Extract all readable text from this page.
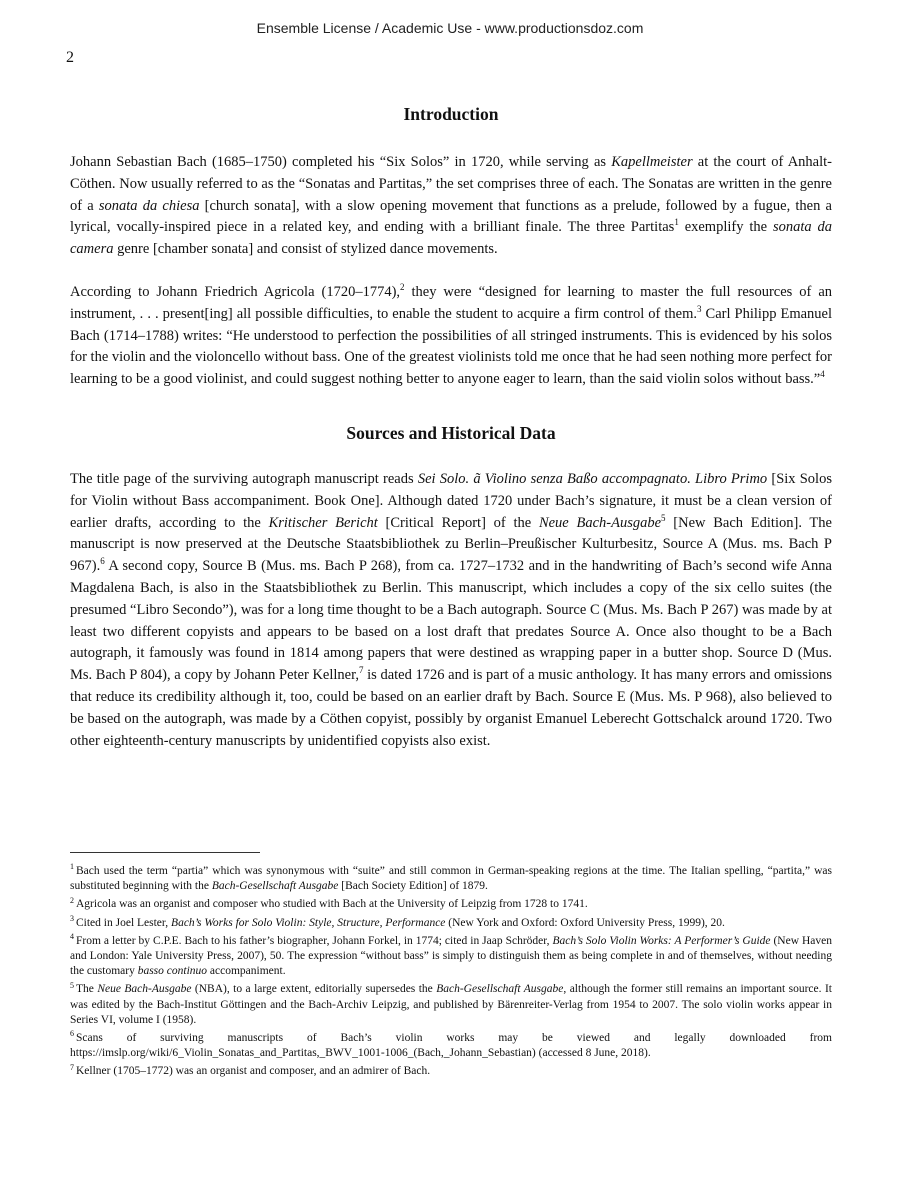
Ensemble License / Academic Use - www.productionsdoz.com
2
Introduction

Johann Sebastian Bach (1685–1750) completed his “Six Solos” in 1720, while serving as Kapellmeister at the court of Anhalt-Cöthen. Now usually referred to as the “Sonatas and Partitas,” the set comprises three of each. The Sonatas are written in the genre of a sonata da chiesa [church sonata], with a slow opening movement that functions as a prelude, followed by a fugue, then a lyrical, vocally-inspired piece in a related key, and ending with a brilliant finale. The three Partitas$^1$ exemplify the sonata da camera genre [chamber sonata] and consist of stylized dance movements.

According to Johann Friedrich Agricola (1720–1774),$^2$ they were “designed for learning to master the full resources of an instrument, . . . present[ing] all possible difficulties, to enable the student to acquire a firm control of them.$^3$ Carl Philipp Emanuel Bach (1714–1788) writes: “He understood to perfection the possibilities of all stringed instruments. This is evidenced by his solos for the violin and the violoncello without bass. One of the greatest violinists told me once that he had seen nothing more perfect for learning to be a good violinist, and could suggest nothing better to anyone eager to learn, than the said violin solos without bass.”$^4$

Sources and Historical Data

The title page of the surviving autograph manuscript reads Sei Solo. ã Violino senza Baßo accompagnato. Libro Primo [Six Solos for Violin without Bass accompaniment. Book One]. Although dated 1720 under Bach’s signature, it must be a clean version of earlier drafts, according to the Kritischer Bericht [Critical Report] of the Neue Bach-Ausgabe$^5$ [New Bach Edition]. The manuscript is now preserved at the Deutsche Staatsbibliothek zu Berlin–Preußischer Kulturbesitz, Source A (Mus. ms. Bach P 967).$^6$ A second copy, Source B (Mus. ms. Bach P 268), from ca. 1727–1732 and in the handwriting of Bach’s second wife Anna Magdalena Bach, is also in the Staatsbibliothek zu Berlin. This manuscript, which includes a copy of the six cello suites (the presumed “Libro Secondo”), was for a long time thought to be a Bach autograph. Source C (Mus. Ms. Bach P 267) was made by at least two different copyists and appears to be based on a lost draft that predates Source A. Once also thought to be a Bach autograph, it famously was found in 1814 among papers that were destined as wrapping paper in a butter shop. Source D (Mus. Ms. Bach P 804), a copy by Johann Peter Kellner,$^7$ is dated 1726 and is part of a music anthology. It has many errors and omissions that reduce its credibility although it, too, could be based on an earlier draft by Bach. Source E (Mus. Ms. P 968), also believed to be based on the autograph, was made by a Cöthen copyist, possibly by organist Emanuel Leberecht Gottschalck around 1720. Two other eighteenth-century manuscripts by unidentified copyists also exist.

$^1$ Bach used the term “partia” which was synonymous with “suite” and still common in German-speaking regions at the time. The Italian spelling, “partita,” was substituted beginning with the Bach-Gesellschaft Ausgabe [Bach Society Edition] of 1879.
$^2$ Agricola was an organist and composer who studied with Bach at the University of Leipzig from 1728 to 1741.
$^3$ Cited in Joel Lester, Bach’s Works for Solo Violin: Style, Structure, Performance (New York and Oxford: Oxford University Press, 1999), 20.
$^4$ From a letter by C.P.E. Bach to his father’s biographer, Johann Forkel, in 1774; cited in Jaap Schröder, Bach’s Solo Violin Works: A Performer’s Guide (New Haven and London: Yale University Press, 2007), 50. The expression “without bass” is simply to distinguish them as being complete in and of themselves, without needing the customary basso continuo accompaniment.
$^5$ The Neue Bach-Ausgabe (NBA), to a large extent, editorially supersedes the Bach-Gesellschaft Ausgabe, although the former still remains an important source. It was edited by the Bach-Institut Göttingen and the Bach-Archiv Leipzig, and published by Bärenreiter-Verlag from 1954 to 2007. The solo violin works appear in Series VI, volume I (1958).
$^6$ Scans of surviving manuscripts of Bach’s violin works may be viewed and legally downloaded from https://imslp.org/wiki/6_Violin_Sonatas_and_Partitas,_BWV_1001-1006_(Bach,_Johann_Sebastian) (accessed 8 June, 2018).
$^7$ Kellner (1705–1772) was an organist and composer, and an admirer of Bach.
